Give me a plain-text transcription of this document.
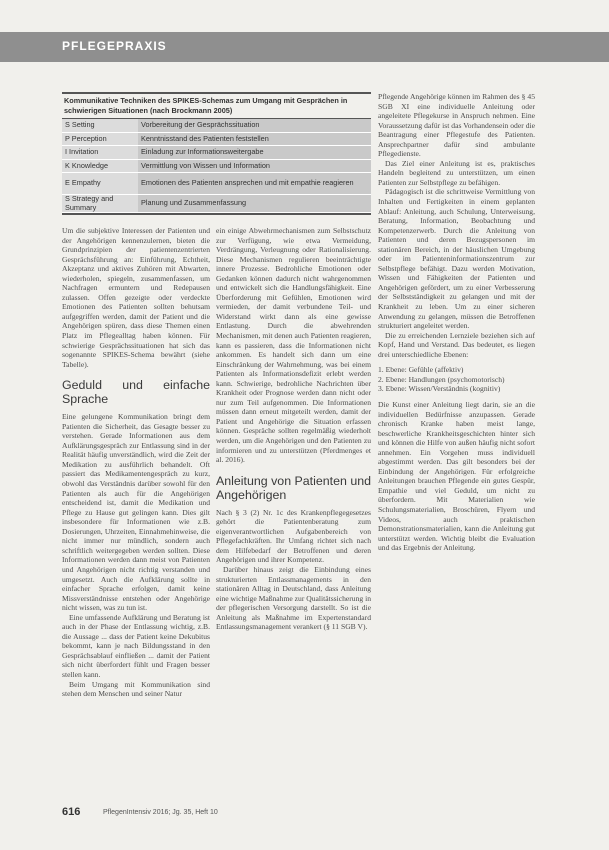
PFLEGEPRAXIS
Kommunikative Techniken des SPIKES-Schemas zum Umgang mit Gesprächen in schwierigen Situationen (nach Brockmann 2005)
S Setting	Vorbereitung der Gesprächssituation
P Perception	Kenntnisstand des Patienten feststellen
I Invitation	Einladung zur Informationsweitergabe
K Knowledge	Vermittlung von Wissen und Information
E Empathy	Emotionen des Patienten ansprechen und mit empathie reagieren
S Strategy and Summary	Planung und Zusammenfassung

Um die subjektive Interessen der Patienten und der Angehörigen kennenzulernen, bieten die Grundprinzipien der patientenzentrierten Gesprächsführung an: Einführung, Echtheit, Akzeptanz und aktives Zuhören mit Abwarten, wiederholen, spiegeln, zusammenfassen, um Nachfragen ermuntern und Redepausen zulassen. Offen gezeigte oder verdeckte Emotionen des Patienten sollten behutsam aufgegriffen werden, damit der Patient und die Angehörigen spüren, dass diese Themen einen Platz im Pflegealltag haben können. Für schwierige Gesprächssituationen hat sich das sogenannte SPIKES-Schema bewährt (siehe Tabelle).

Geduld und einfache Sprache

Eine gelungene Kommunikation bringt dem Patienten die Sicherheit, das Gesagte besser zu verstehen. Gerade Informationen aus dem Aufklärungsgespräch zur Entlassung sind in der Realität häufig unverständlich, wird die Zeit der Medikation zu ausführlich behandelt. Oft passiert das Medikamentengespräch zu kurz, obwohl das Verständnis darüber sowohl für den Patienten als auch für die Angehörigen entscheidend ist, damit die Medikation und Pflege zu Hause gut gelingen kann. Dies gilt insbesondere für Informationen wie z.B. Dosierungen, Uhrzeiten, Einnahmehinweise, die nicht immer nur mündlich, sondern auch schriftlich weitergegeben werden sollten. Diese Informationen werden dann meist von Patienten und Angehörigen nicht richtig verstanden und umgesetzt. Auch die Aufklärung sollte in einfacher Sprache erfolgen, damit keine Missverständnisse entstehen oder Angehörige nicht wissen, was zu tun ist.

Eine umfassende Aufklärung und Beratung ist auch in der Phase der Entlassung wichtig, z.B. die Aussage ... dass der Patient keine Dekubitus bekommt, kann je nach Bildungsstand in den Gesprächsablauf einfließen ... damit der Patient sich nicht überfordert fühlt und Fragen besser stellen kann.

Beim Umgang mit Kommunikation sind stehen dem Menschen und seiner Natur

ein einige Abwehrmechanismen zum Selbstschutz zur Verfügung, wie etwa Vermeidung, Verdrängung, Verleugnung oder Rationalisierung. Diese Mechanismen regulieren beeinträchtigte innere Prozesse. Bedrohliche Emotionen oder Gedanken können dadurch nicht wahrgenommen und entwickelt sich die Handlungsfähigkeit. Eine Überforderung mit Gefühlen, Emotionen wird vermieden, der damit verbundene Teil- und Widerstand wirkt dann als eine gewisse Entlastung. Durch die abwehrenden Mechanismen, mit denen auch Patienten reagieren, kann es passieren, dass die Informationen nicht ankommen. Es handelt sich dann um eine Einschränkung der Wahrnehmung, was bei einem Patienten als Informationsdefizit erlebt werden kann. Schwierige, bedrohliche Nachrichten über Krankheit oder Prognose werden dann nicht oder nur zum Teil aufgenommen. Die Informationen müssen dann erneut mitgeteilt werden, damit der Patient und Angehörige die Situation erfassen können. Gespräche sollten regelmäßig wiederholt werden, um die Angehörigen und den Patienten zu informieren und zu unterstützen (Pferdmenges et al. 2016).

Anleitung von Patienten und Angehörigen

Nach § 3 (2) Nr. 1c des Krankenpflegegesetzes gehört die Patientenberatung zum eigenverantwortlichen Aufgabenbereich von Pflegefachkräften. Ihr Umfang richtet sich nach dem Hilfebedarf der Betroffenen und deren Angehörigen und ihrer Kompetenz.

Darüber hinaus zeigt die Einbindung eines strukturierten Entlassmanagements in den stationären Alltag in Deutschland, dass Anleitung eine wichtige Maßnahme zur Qualitätssicherung in der pflegerischen Versorgung darstellt. So ist die Anleitung als Maßnahme im Expertenstandard Entlassungsmanagement verankert (§ 11 SGB V).

Pflegende Angehörige können im Rahmen des § 45 SGB XI eine individuelle Anleitung oder angeleitete Pflegekurse in Anspruch nehmen. Eine Voraussetzung dafür ist das Vorhandensein oder die Beantragung einer Pflegestufe des Patienten. Ansprechpartner dafür sind ambulante Pflegedienste.

Das Ziel einer Anleitung ist es, praktisches Handeln begleitend zu unterstützen, um einen Patienten zur Selbstpflege zu befähigen.

Pädagogisch ist die schrittweise Vermittlung von Inhalten und Fertigkeiten in einem geplanten Ablauf: Anleitung, auch Schulung, Unterweisung, Beratung, Information, Beobachtung und Kompetenzerwerb. Durch die Anleitung von Patienten und deren Bezugspersonen im stationären Bereich, in der häuslichen Umgebung oder im Patienteninformationszentrum zur Selbstpflege befähigt. Dazu werden Motivation, Wissen und Fähigkeiten der Patienten und Angehörigen gefördert, um zu einer Verbesserung der Selbstständigkeit zu gelangen und mit der Krankheit zu leben. Um zu einer sicheren Anwendung zu gelangen, müssen die Betroffenen strukturiert angeleitet werden.

Die zu erreichenden Lernziele beziehen sich auf Kopf, Hand und Verstand. Das bedeutet, es liegen drei unterschiedliche Ebenen:

1. Ebene: Gefühle (affektiv)

2. Ebene: Handlungen (psychomotorisch)

3. Ebene: Wissen/Verständnis (kognitiv)

Die Kunst einer Anleitung liegt darin, sie an die individuellen Bedürfnisse anzupassen. Gerade chronisch Kranke haben meist lange, beschwerliche Krankheitsgeschichten hinter sich und können die Hilfe von außen häufig nicht sofort annehmen. Ein Vorgehen muss individuell abgestimmt werden. Das gilt besonders bei der Einbindung der Angehörigen. Für erfolgreiche Anleitungen brauchen Pflegende ein gutes Gespür, Empathie und viel Geduld, um nicht zu überfordern. Mit Materialien wie Schulungsmaterialien, Broschüren, Flyern und Videos, auch praktischen Demonstrationsmaterialien, kann die Anleitung gut unterstützt werden. Wichtig bleibt die Evaluation und das Ergebnis der Anleitung.

616	PflegenIntensiv 2016; Jg. 35, Heft 10
